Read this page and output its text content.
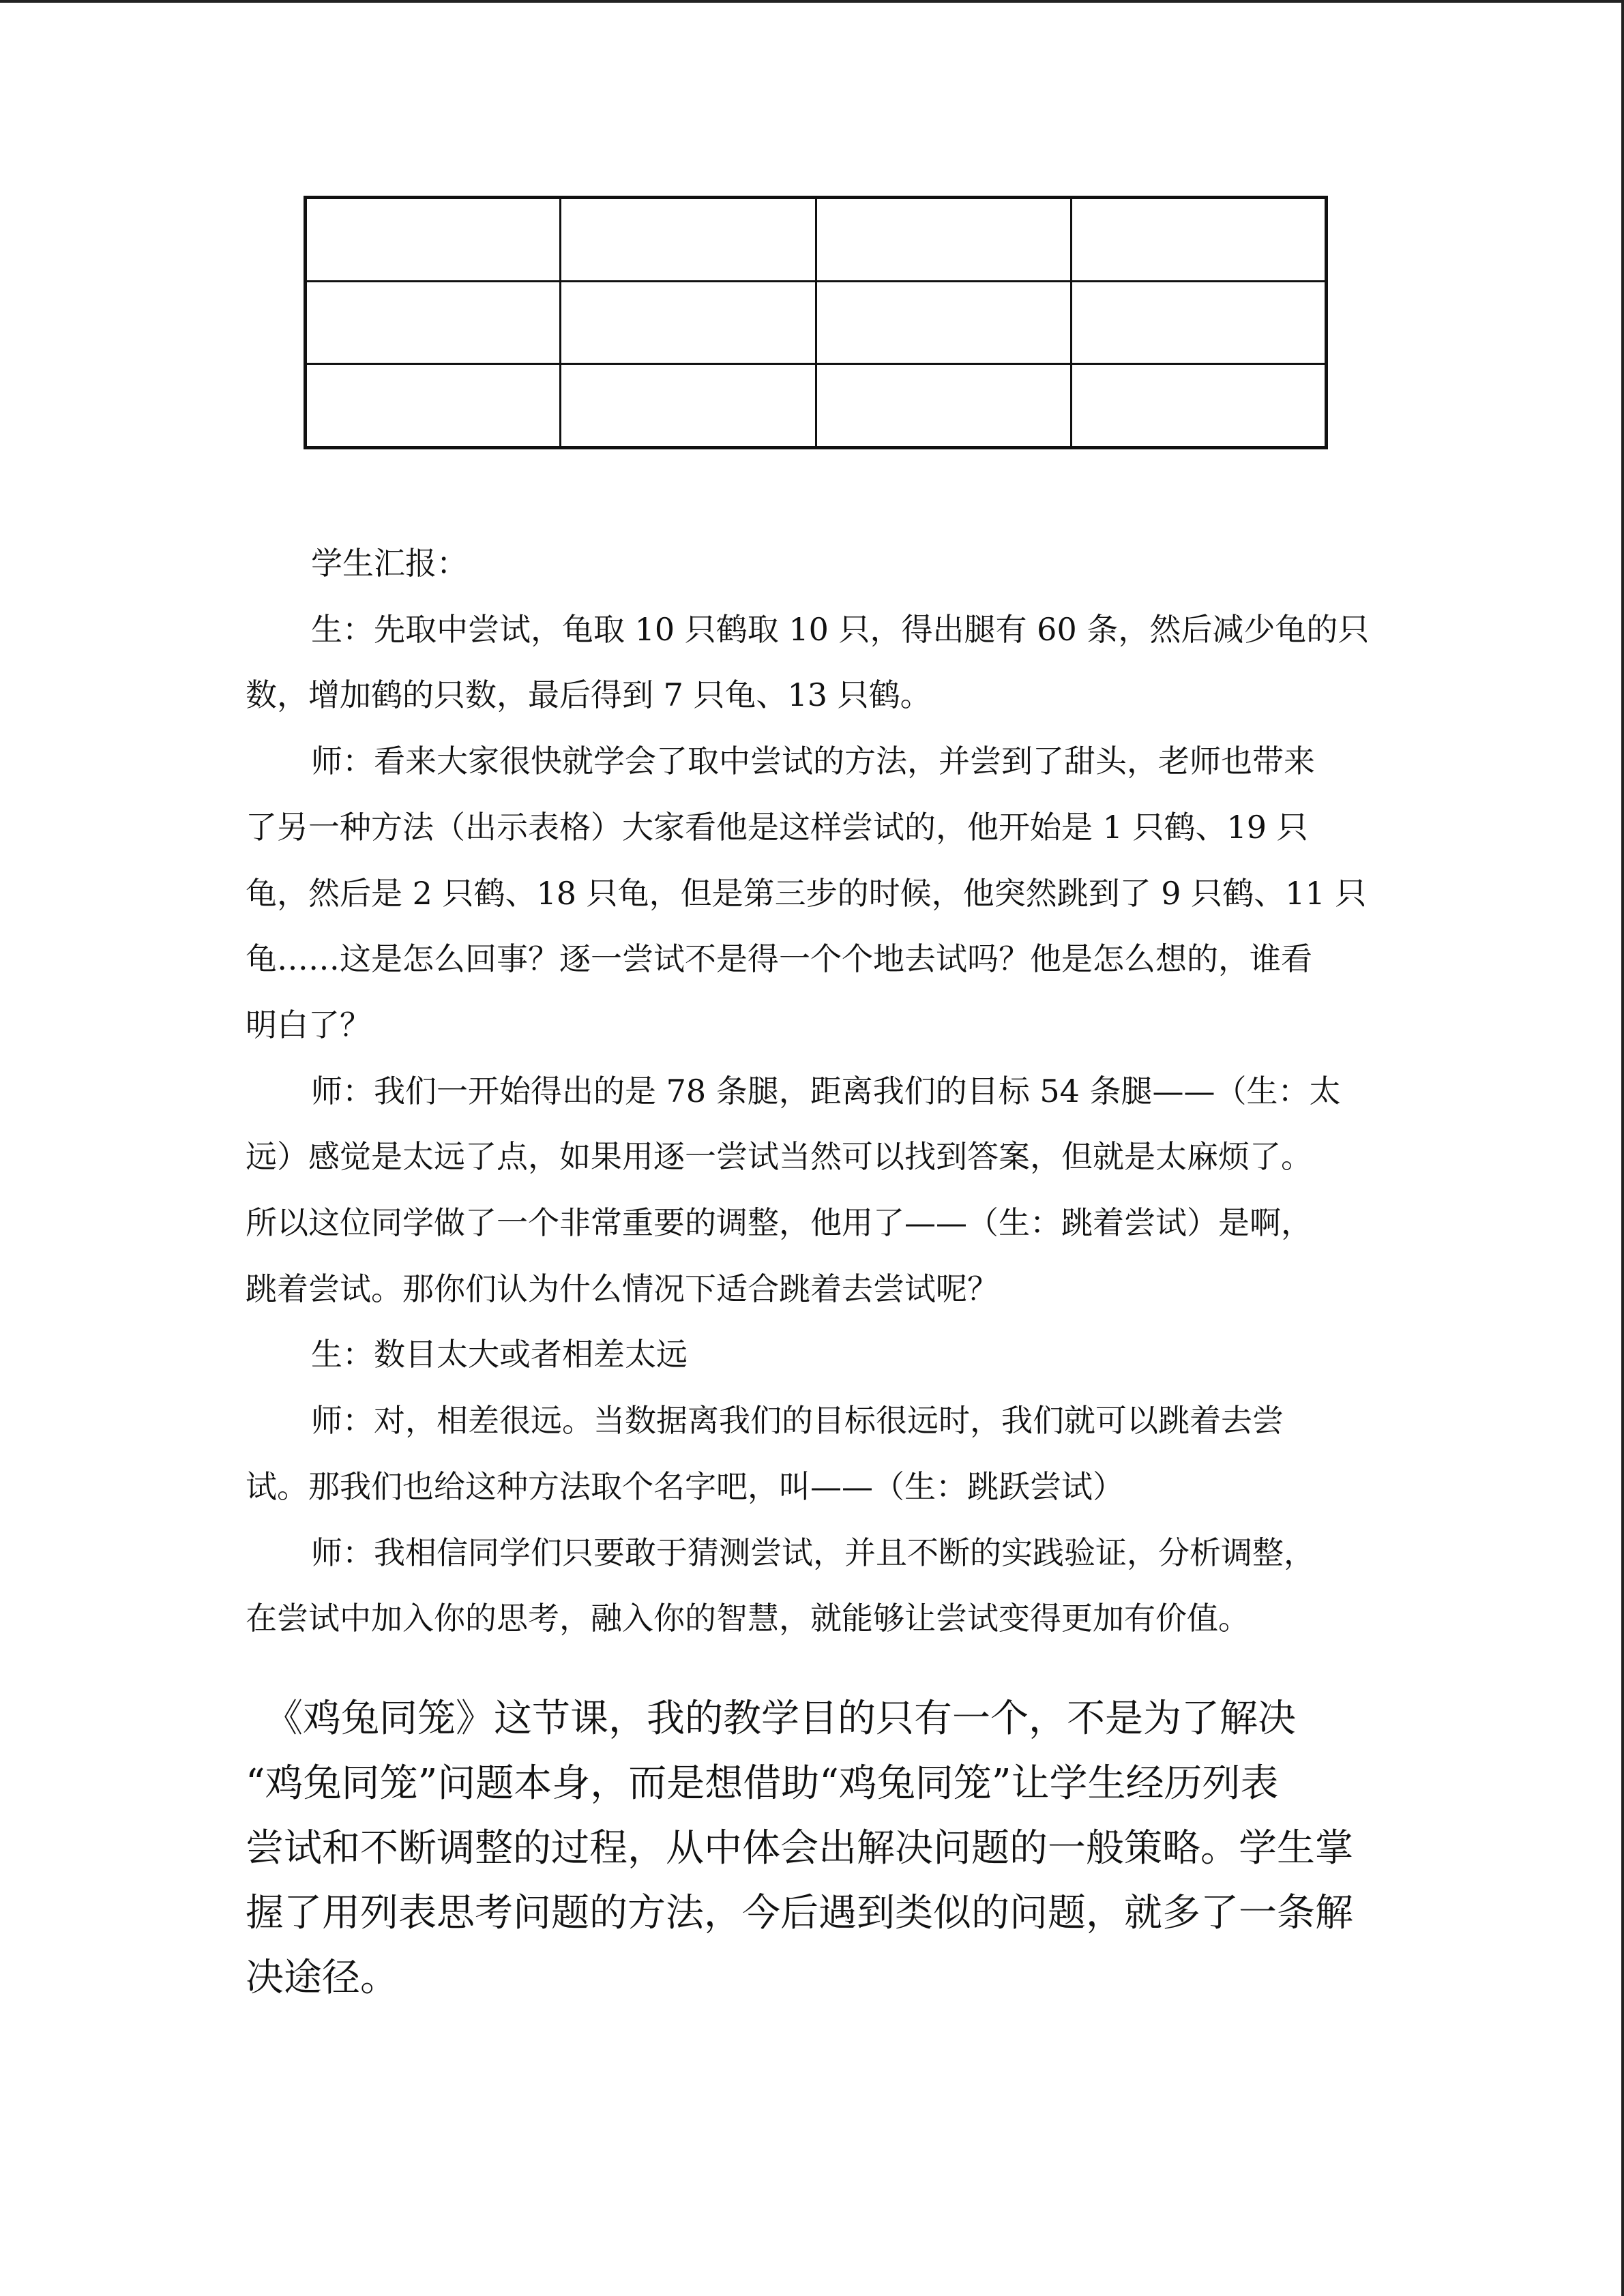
学生汇报：

生：先取中尝试，龟取 10 只鹤取 10 只，得出腿有 60 条，然后减少龟的只
数，增加鹤的只数，最后得到 7 只龟、13 只鹤。

师：看来大家很快就学会了取中尝试的方法，并尝到了甜头，老师也带来
了另一种方法（出示表格）大家看他是这样尝试的，他开始是 1 只鹤、19 只
龟，然后是 2 只鹤、18 只龟，但是第三步的时候，他突然跳到了 9 只鹤、11 只
龟……这是怎么回事？逐一尝试不是得一个个地去试吗？他是怎么想的，谁看
明白了？

师：我们一开始得出的是 78 条腿，距离我们的目标 54 条腿——（生：太
远）感觉是太远了点，如果用逐一尝试当然可以找到答案，但就是太麻烦了。
所以这位同学做了一个非常重要的调整，他用了——（生：跳着尝试）是啊，
跳着尝试。那你们认为什么情况下适合跳着去尝试呢？

生：数目太大或者相差太远

师：对，相差很远。当数据离我们的目标很远时，我们就可以跳着去尝
试。那我们也给这种方法取个名字吧，叫——（生：跳跃尝试）

师：我相信同学们只要敢于猜测尝试，并且不断的实践验证，分析调整，
在尝试中加入你的思考，融入你的智慧，就能够让尝试变得更加有价值。

　《鸡兔同笼》这节课，我的教学目的只有一个，不是为了解决
“鸡兔同笼”问题本身，而是想借助“鸡兔同笼”让学生经历列表
尝试和不断调整的过程，从中体会出解决问题的一般策略。学生掌
握了用列表思考问题的方法，今后遇到类似的问题，就多了一条解
决途径。
